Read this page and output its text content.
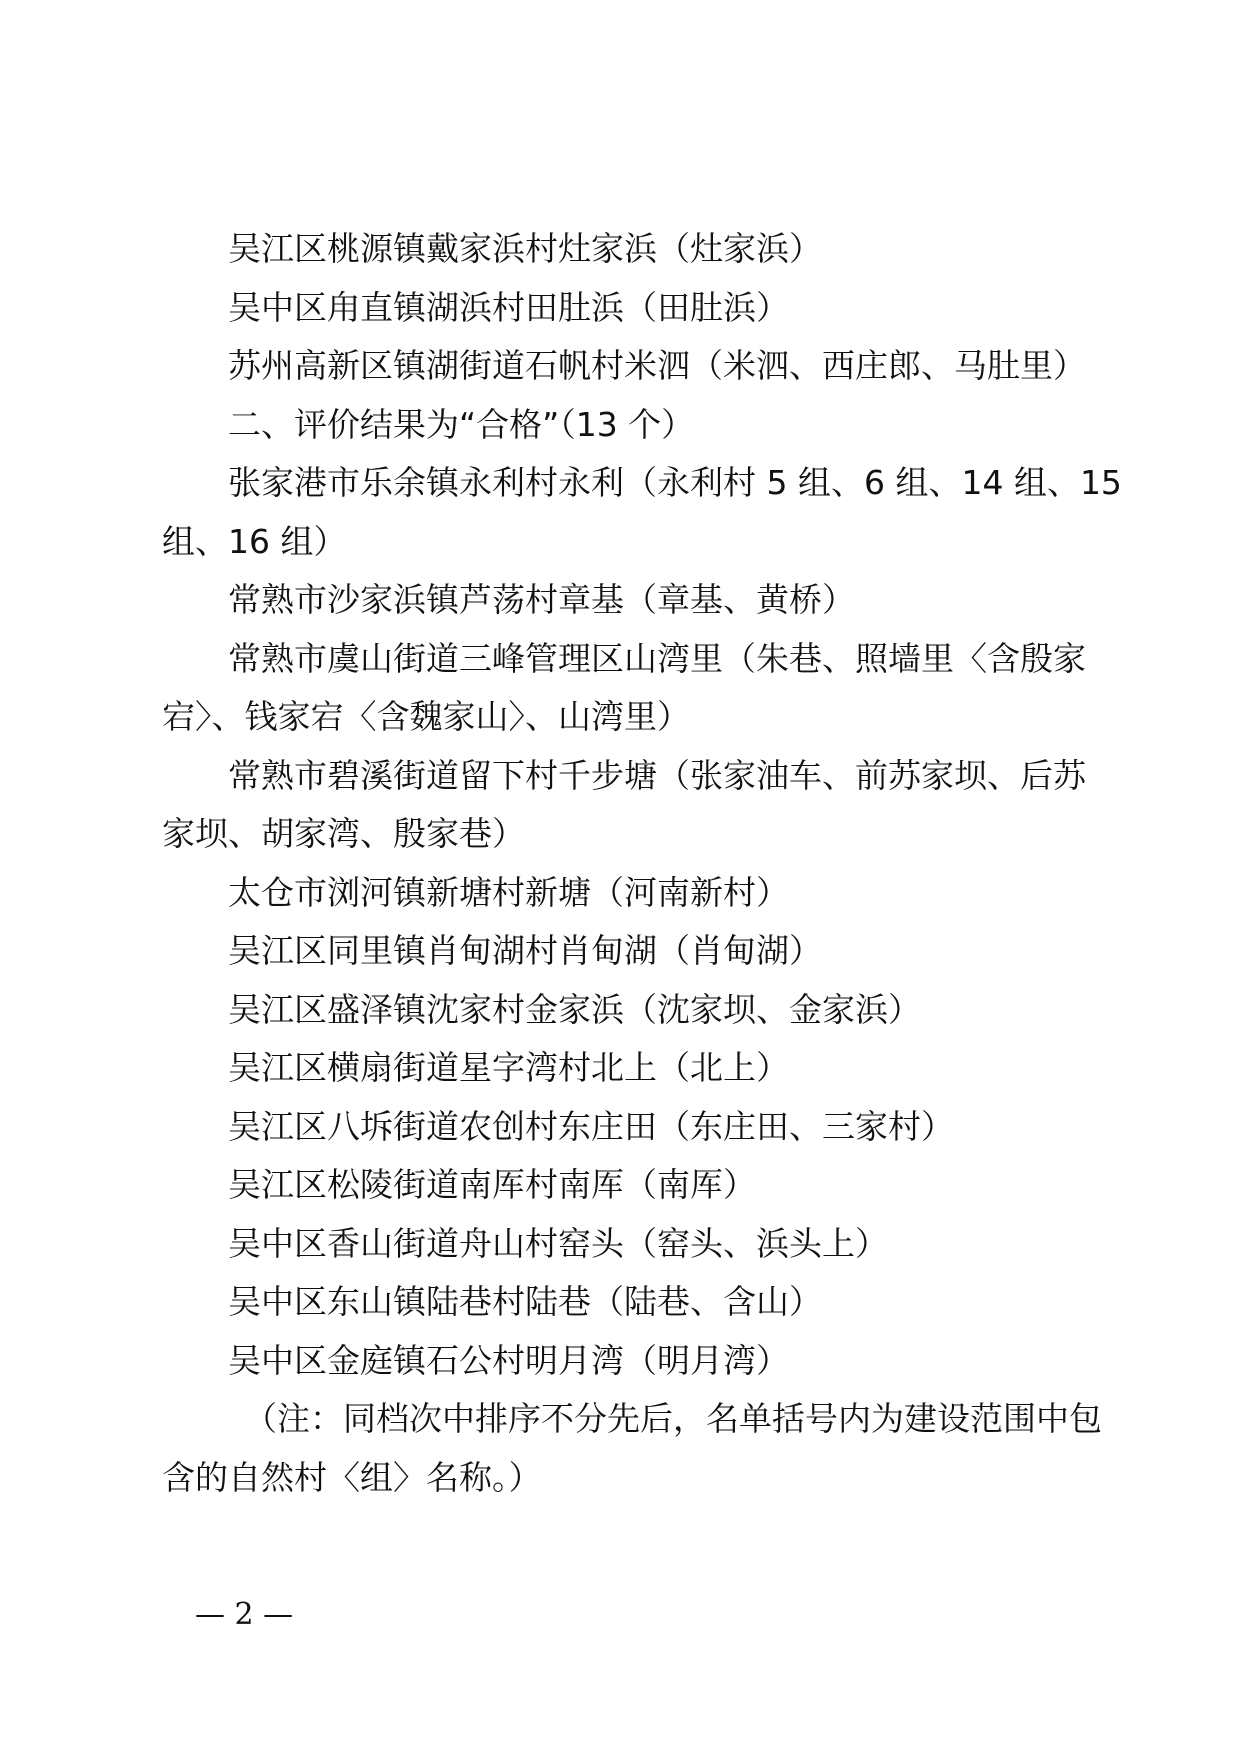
吴江区桃源镇戴家浜村灶家浜（灶家浜）
吴中区甪直镇湖浜村田肚浜（田肚浜）
苏州高新区镇湖街道石帆村米泗（米泗、西庄郎、马肚里）
二、评价结果为“合格”（13 个）
张家港市乐余镇永利村永利（永利村 5 组、6 组、14 组、15
组、16 组）
常熟市沙家浜镇芦荡村章基（章基、黄桥）
常熟市虞山街道三峰管理区山湾里（朱巷、照墙里〈含殷家
宕〉、钱家宕〈含魏家山〉、山湾里）
常熟市碧溪街道留下村千步塘（张家油车、前苏家坝、后苏
家坝、胡家湾、殷家巷）
太仓市浏河镇新塘村新塘（河南新村）
吴江区同里镇肖甸湖村肖甸湖（肖甸湖）
吴江区盛泽镇沈家村金家浜（沈家坝、金家浜）
吴江区横扇街道星字湾村北上（北上）
吴江区八坼街道农创村东庄田（东庄田、三家村）
吴江区松陵街道南厍村南厍（南厍）
吴中区香山街道舟山村窑头（窑头、浜头上）
吴中区东山镇陆巷村陆巷（陆巷、含山）
吴中区金庭镇石公村明月湾（明月湾）
（注：同档次中排序不分先后，名单括号内为建设范围中包
含的自然村〈组〉名称。）
— 2 —
